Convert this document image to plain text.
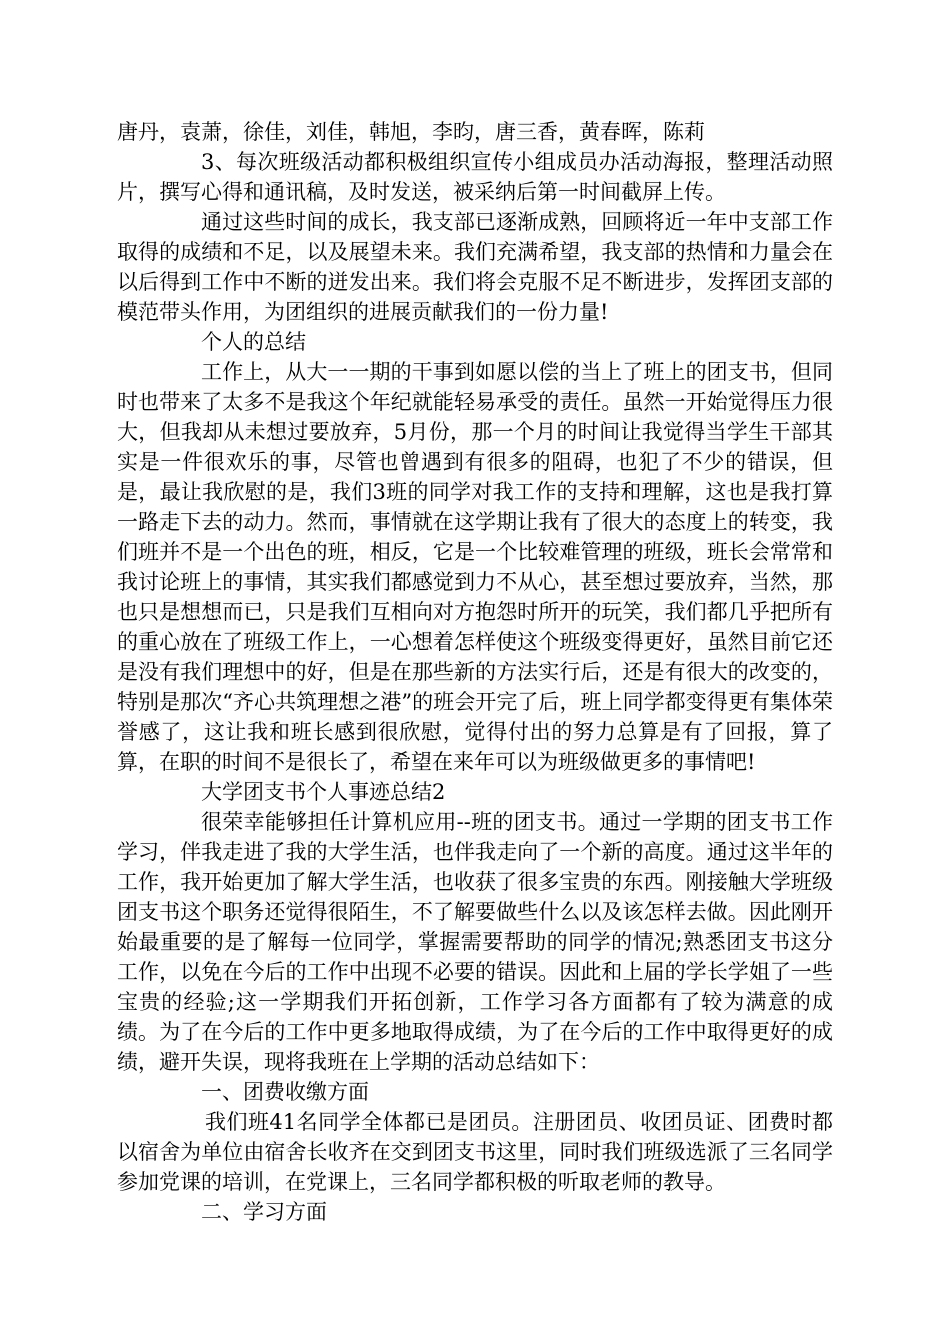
唐丹，袁萧，徐佳，刘佳，韩旭，李昀，唐三香，黄春晖，陈莉

3、每次班级活动都积极组织宣传小组成员办活动海报，整理活动照片，撰写心得和通讯稿，及时发送，被采纳后第一时间截屏上传。

通过这些时间的成长，我支部已逐渐成熟，回顾将近一年中支部工作取得的成绩和不足，以及展望未来。我们充满希望，我支部的热情和力量会在以后得到工作中不断的迸发出来。我们将会克服不足不断进步，发挥团支部的模范带头作用，为团组织的进展贡献我们的一份力量!

个人的总结

工作上，从大一一期的干事到如愿以偿的当上了班上的团支书，但同时也带来了太多不是我这个年纪就能轻易承受的责任。虽然一开始觉得压力很大，但我却从未想过要放弃，5月份，那一个月的时间让我觉得当学生干部其实是一件很欢乐的事，尽管也曾遇到有很多的阻碍，也犯了不少的错误，但是，最让我欣慰的是，我们3班的同学对我工作的支持和理解，这也是我打算一路走下去的动力。然而，事情就在这学期让我有了很大的态度上的转变，我们班并不是一个出色的班，相反，它是一个比较难管理的班级，班长会常常和我讨论班上的事情，其实我们都感觉到力不从心，甚至想过要放弃，当然，那也只是想想而已，只是我们互相向对方抱怨时所开的玩笑，我们都几乎把所有的重心放在了班级工作上，一心想着怎样使这个班级变得更好，虽然目前它还是没有我们理想中的好，但是在那些新的方法实行后，还是有很大的改变的，特别是那次“齐心共筑理想之港”的班会开完了后，班上同学都变得更有集体荣誉感了，这让我和班长感到很欣慰，觉得付出的努力总算是有了回报，算了算，在职的时间不是很长了，希望在来年可以为班级做更多的事情吧!

大学团支书个人事迹总结2

很荣幸能够担任计算机应用--班的团支书。通过一学期的团支书工作学习，伴我走进了我的大学生活，也伴我走向了一个新的高度。通过这半年的工作，我开始更加了解大学生活，也收获了很多宝贵的东西。刚接触大学班级团支书这个职务还觉得很陌生，不了解要做些什么以及该怎样去做。因此刚开始最重要的是了解每一位同学，掌握需要帮助的同学的情况;熟悉团支书这分工作，以免在今后的工作中出现不必要的错误。因此和上届的学长学姐了一些宝贵的经验;这一学期我们开拓创新，工作学习各方面都有了较为满意的成绩。为了在今后的工作中更多地取得成绩，为了在今后的工作中取得更好的成绩，避开失误，现将我班在上学期的活动总结如下：

一、团费收缴方面

我们班41名同学全体都已是团员。注册团员、收团员证、团费时都以宿舍为单位由宿舍长收齐在交到团支书这里，同时我们班级选派了三名同学参加党课的培训，在党课上，三名同学都积极的听取老师的教导。

二、学习方面
